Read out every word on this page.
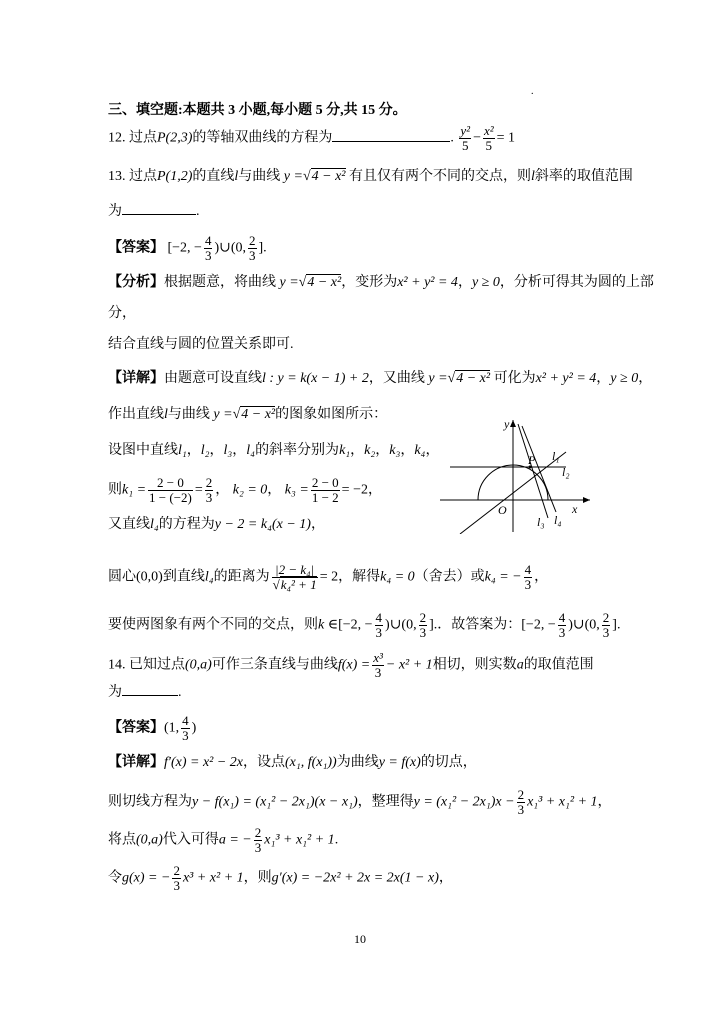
.
三、填空题:本题共 3 小题,每小题 5 分,共 15 分。
12. 过点P(2,3)的等轴双曲线的方程为	. $\frac{\text{y²}}{5} - \frac{\text{x²}}{5} = 1$
13. 过点P(1,2)的直线l与曲线 y =√4 − x² 有且仅有两个不同的交点，则l斜率的取值范围
为	.
【答案】 [−2, − $\frac{4}{3}$ )∪(0, $\frac{2}{3}$ ].
【分析】根据题意，将曲线 y =√4 − x²，变形为x² + y² = 4，y ≥ 0，分析可得其为圆的上部
分，
结合直线与圆的位置关系即可.
【详解】由题意可设直线l : y = k(x − 1) + 2，又曲线 y =√4 − x² 可化为x² + y² = 4，y ≥ 0，
作出直线l与曲线 y =√4 − x²的图象如图所示：
设图中直线l₁，l₂，l₃，l₄的斜率分别为k₁，k₂，k₃，k₄，
则$k_1 = \frac{2 - 0}{1 - (-2)} = \frac{2}{3}$ ， k₂ = 0， $k_3 = \frac{2 - 0}{1 - 2} = -2$，
又直线l₄的方程为y − 2 = k₄(x − 1)，
y
P
O	x
l₁
l₂
l₃ l₄
圆心(0,0)到直线l₄的距离为 $\frac{\text{|2 − k₄|}}{\text{√k₄² + 1}} = 2$，解得k₄ = 0（舍去）或k₄ = − $\frac{4}{3}$ ，
要使两图象有两个不同的交点，则k ∈[−2, − $\frac{4}{3}$ )∪(0, $\frac{2}{3}$ ].．故答案为：[−2, − $\frac{4}{3}$ )∪(0, $\frac{2}{3}$ ].
14. 已知过点(0,a)可作三条直线与曲线$f(x) = \frac{\text{x³}}{3} - x^2 + 1$相切，则实数a的取值范围
为	.
【答案】(1, $\frac{4}{3}$ )
【详解】f′(x) = x² − 2x，设点(x₁, f(x₁))为曲线y = f(x)的切点，
则切线方程为y − f(x₁) = (x₁² − 2x₁)(x − x₁)，整理得$y = (x_1^2 - 2x_1)x - \frac{2}{3} x_1^3 + x_1^2 + 1$，
将点(0,a)代入可得a = − $\frac{2}{3} x_1^3 + x_1^2 + 1$.
令g(x) = − $\frac{2}{3} x^3 + x^2 + 1$，则g′(x) = −2x² + 2x = 2x(1 − x)，
10
